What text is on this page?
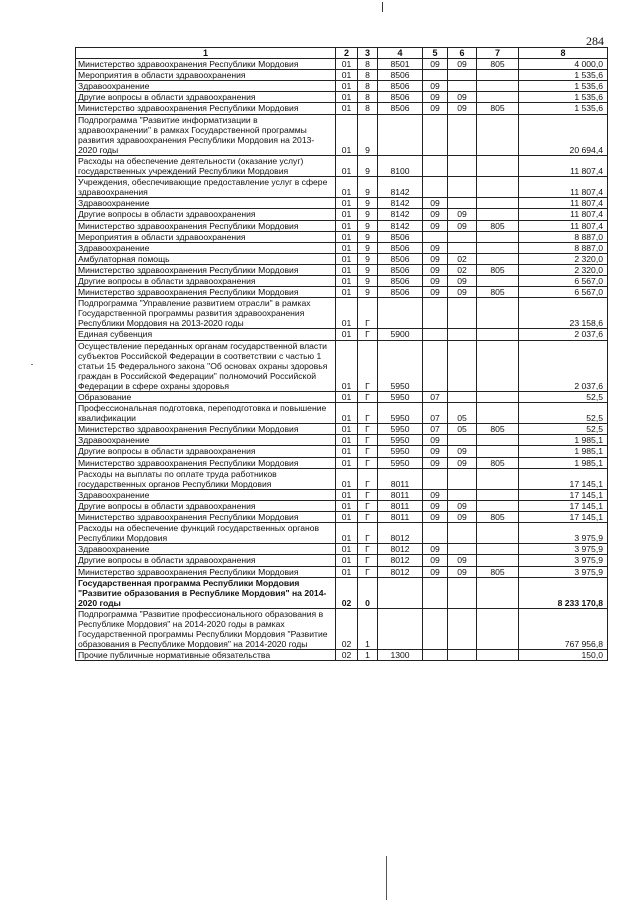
284
1	2	3	4	5	6	7	8
Министерство здравоохранения Республики Мордовия	01	8	8501	09	09	805	4 000,0
Мероприятия в области здравоохранения	01	8	8506				1 535,6
Здравоохранение	01	8	8506	09			1 535,6
Другие вопросы в области здравоохранения	01	8	8506	09	09		1 535,6
Министерство здравоохранения Республики Мордовия	01	8	8506	09	09	805	1 535,6
Подпрограмма "Развитие информатизации в здравоохранении" в рамках Государственной программы развития здравоохранения Республики Мордовия на 2013-2020 годы	01	9					20 694,4
Расходы на обеспечение деятельности (оказание услуг) государственных учреждений Республики Мордовия	01	9	8100				11 807,4
Учреждения, обеспечивающие предоставление услуг в сфере здравоохранения	01	9	8142				11 807,4
Здравоохранение	01	9	8142	09			11 807,4
Другие вопросы в области здравоохранения	01	9	8142	09	09		11 807,4
Министерство здравоохранения Республики Мордовия	01	9	8142	09	09	805	11 807,4
Мероприятия в области здравоохранения	01	9	8506				8 887,0
Здравоохранение	01	9	8506	09			8 887,0
Амбулаторная помощь	01	9	8506	09	02		2 320,0
Министерство здравоохранения Республики Мордовия	01	9	8506	09	02	805	2 320,0
Другие вопросы в области здравоохранения	01	9	8506	09	09		6 567,0
Министерство здравоохранения Республики Мордовия	01	9	8506	09	09	805	6 567,0
Подпрограмма "Управление развитием отрасли" в рамках Государственной программы развития здравоохранения Республики Мордовия на 2013-2020 годы	01	Г					23 158,6
Единая субвенция	01	Г	5900				2 037,6
Осуществление переданных органам государственной власти субъектов Российской Федерации в соответствии с частью 1 статьи 15 Федерального закона "Об основах охраны здоровья граждан в Российской Федерации" полномочий Российской Федерации в сфере охраны здоровья	01	Г	5950				2 037,6
Образование	01	Г	5950	07			52,5
Профессиональная подготовка, переподготовка и повышение квалификации	01	Г	5950	07	05		52,5
Министерство здравоохранения Республики Мордовия	01	Г	5950	07	05	805	52,5
Здравоохранение	01	Г	5950	09			1 985,1
Другие вопросы в области здравоохранения	01	Г	5950	09	09		1 985,1
Министерство здравоохранения Республики Мордовия	01	Г	5950	09	09	805	1 985,1
Расходы на выплаты по оплате труда работников государственных органов Республики Мордовия	01	Г	8011				17 145,1
Здравоохранение	01	Г	8011	09			17 145,1
Другие вопросы в области здравоохранения	01	Г	8011	09	09		17 145,1
Министерство здравоохранения Республики Мордовия	01	Г	8011	09	09	805	17 145,1
Расходы на обеспечение функций государственных органов Республики Мордовия	01	Г	8012				3 975,9
Здравоохранение	01	Г	8012	09			3 975,9
Другие вопросы в области здравоохранения	01	Г	8012	09	09		3 975,9
Министерство здравоохранения Республики Мордовия	01	Г	8012	09	09	805	3 975,9
Государственная программа Республики Мордовия "Развитие образования в Республике Мордовия" на 2014-2020 годы	02	0					8 233 170,8
Подпрограмма "Развитие профессионального образования в Республике Мордовия" на 2014-2020 годы в рамках Государственной программы Республики Мордовия "Развитие образования в Республике Мордовия" на 2014-2020 годы	02	1					767 956,8
Прочие публичные нормативные обязательства	02	1	1300				150,0
